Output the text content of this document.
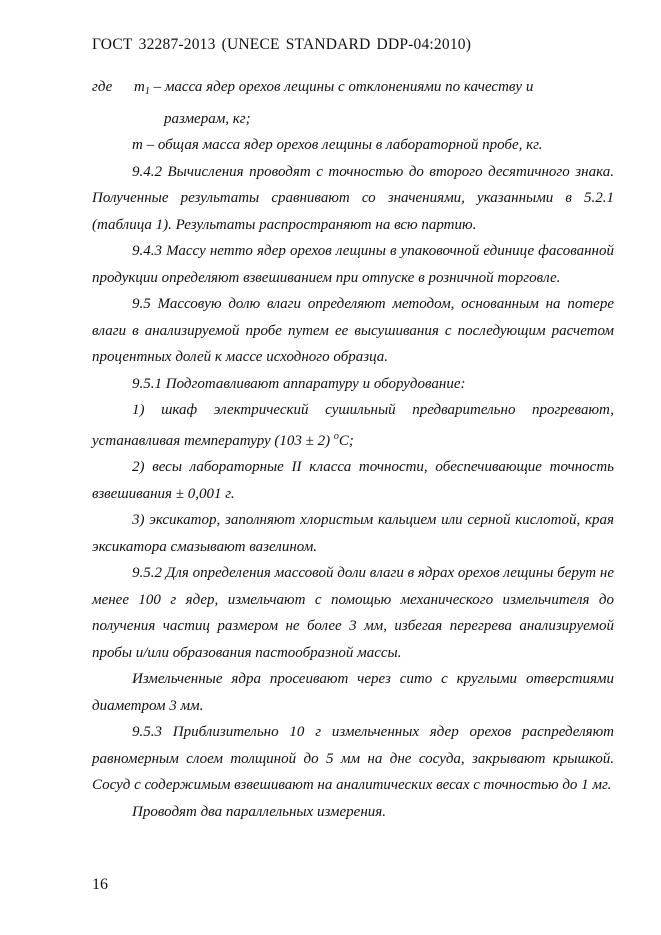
ГОСТ 32287-2013 (UNECE STANDARD DDP-04:2010)
где	$m_1$ – масса ядер орехов лещины с отклонениями по качеству и

размерам, кг;

m – общая масса ядер орехов лещины в лабораторной пробе, кг.

9.4.2 Вычисления проводят с точностью до второго десятичного знака. Полученные результаты сравнивают со значениями, указанными в 5.2.1 (таблица 1). Результаты распространяют на всю партию.

9.4.3 Массу нетто ядер орехов лещины в упаковочной единице фасованной продукции определяют взвешиванием при отпуске в розничной торговле.

9.5 Массовую долю влаги определяют методом, основанным на потере влаги в анализируемой пробе путем ее высушивания с последующим расчетом процентных долей к массе исходного образца.

9.5.1 Подготавливают аппаратуру и оборудование:

1) шкаф электрический сушильный предварительно прогревают, устанавливая температуру (103 ± 2) $^o$С;

2) весы лабораторные II класса точности, обеспечивающие точность взвешивания ± 0,001 г.

3) эксикатор, заполняют хлористым кальцием или серной кислотой, края эксикатора смазывают вазелином.

9.5.2 Для определения массовой доли влаги в ядрах орехов лещины берут не менее 100 г ядер, измельчают с помощью механического измельчителя до получения частиц размером не более 3 мм, избегая перегрева анализируемой пробы и/или образования пастообразной массы.

Измельченные ядра просеивают через сито с круглыми отверстиями диаметром 3 мм.

9.5.3 Приблизительно 10 г измельченных ядер орехов распределяют равномерным слоем толщиной до 5 мм на дне сосуда, закрывают крышкой. Сосуд с содержимым взвешивают на аналитических весах с точностью до 1 мг.

Проводят два параллельных измерения.

16
